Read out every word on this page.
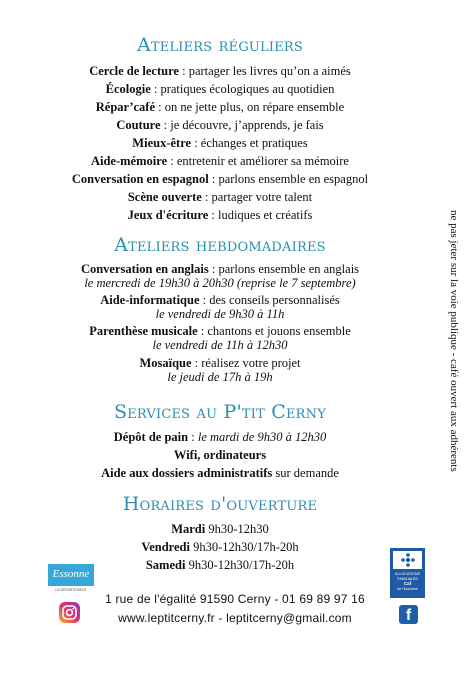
Ateliers réguliers

Cercle de lecture : partager les livres qu’on a aimés

Écologie : pratiques écologiques au quotidien

Répar’café : on ne jette plus, on répare ensemble

Couture : je découvre, j’apprends, je fais

Mieux-être : échanges et pratiques

Aide-mémoire : entretenir et améliorer sa mémoire

Conversation en espagnol : parlons ensemble en espagnol

Scène ouverte : partager votre talent

Jeux d'écriture : ludiques et créatifs

Ateliers hebdomadaires

Conversation en anglais : parlons ensemble en anglais

le mercredi de 19h30 à 20h30 (reprise le 7 septembre)

Aide-informatique : des conseils personnalisés

le vendredi de 9h30 à 11h

Parenthèse musicale : chantons et jouons ensemble

le vendredi de 11h à 12h30

Mosaïque : réalisez votre projet

le jeudi de 17h à 19h

Services au P'tit Cerny

Dépôt de pain : le mardi de 9h30 à 12h30

Wifi, ordinateurs

Aide aux dossiers administratifs sur demande

Horaires d'ouverture

Mardi 9h30-12h30

Vendredi 9h30-12h30/17h-20h

Samedi 9h30-12h30/17h-20h

ne pas jeter sur la voie publique - café ouvert aux adhérents
Essonne
LE DÉPARTEMENT
ALLOCATIONS FAMILIALES
Caf
de l'Essonne
f
1 rue de l'égalité 91590 Cerny - 01 69 89 97 16
www.leptitcerny.fr - leptitcerny@gmail.com
